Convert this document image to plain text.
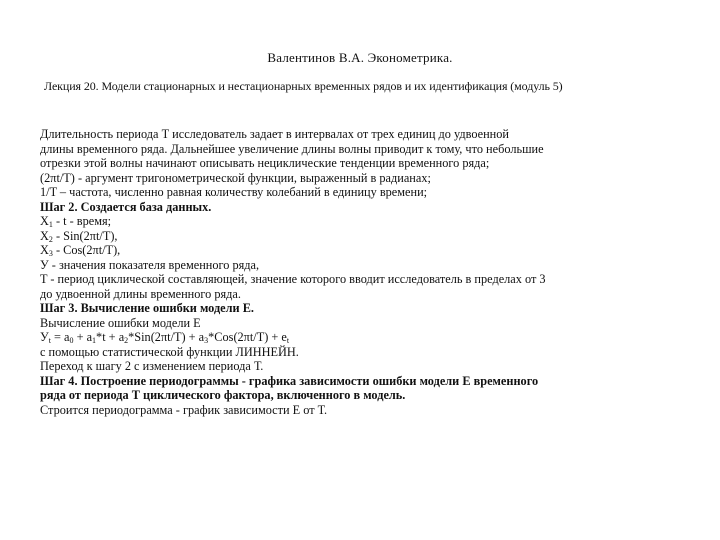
Валентинов В.А. Эконометрика.
Лекция 20. Модели стационарных и нестационарных временных рядов и их идентификация (модуль 5)
Длительность периода Т исследователь задает в интервалах от трех единиц до удвоенной
длины временного ряда. Дальнейшее увеличение длины волны приводит к тому, что небольшие
отрезки этой волны начинают описывать нециклические тенденции временного ряда;
(2πt/T) - аргумент тригонометрической функции, выраженный в радианах;
1/T – частота, численно равная количеству колебаний в единицу времени;
Шаг 2. Создается база данных.
$X_1$ - t - время;
$X_2 - Sin(2\pi t/T)$,
$X_3 - Cos(2\pi t/T)$,
У - значения показателя временного ряда,
T - период циклической составляющей, значение которого вводит исследователь в пределах от 3
до удвоенной длины временного ряда.
Шаг 3. Вычисление ошибки модели Е.
Вычисление ошибки модели Е
$У_t = a_0 + a_1*t + a_2*Sin(2\pi t/T) + a_3*Cos(2\pi t/T) + e_t$
с помощью статистической функции ЛИННЕЙН.
Переход к шагу 2 с изменением периода Т.
Шаг 4. Построение периодограммы - графика зависимости ошибки модели Е временного
ряда от периода Т циклического фактора, включенного в модель.
Строится периодограмма - график зависимости Е от Т.
